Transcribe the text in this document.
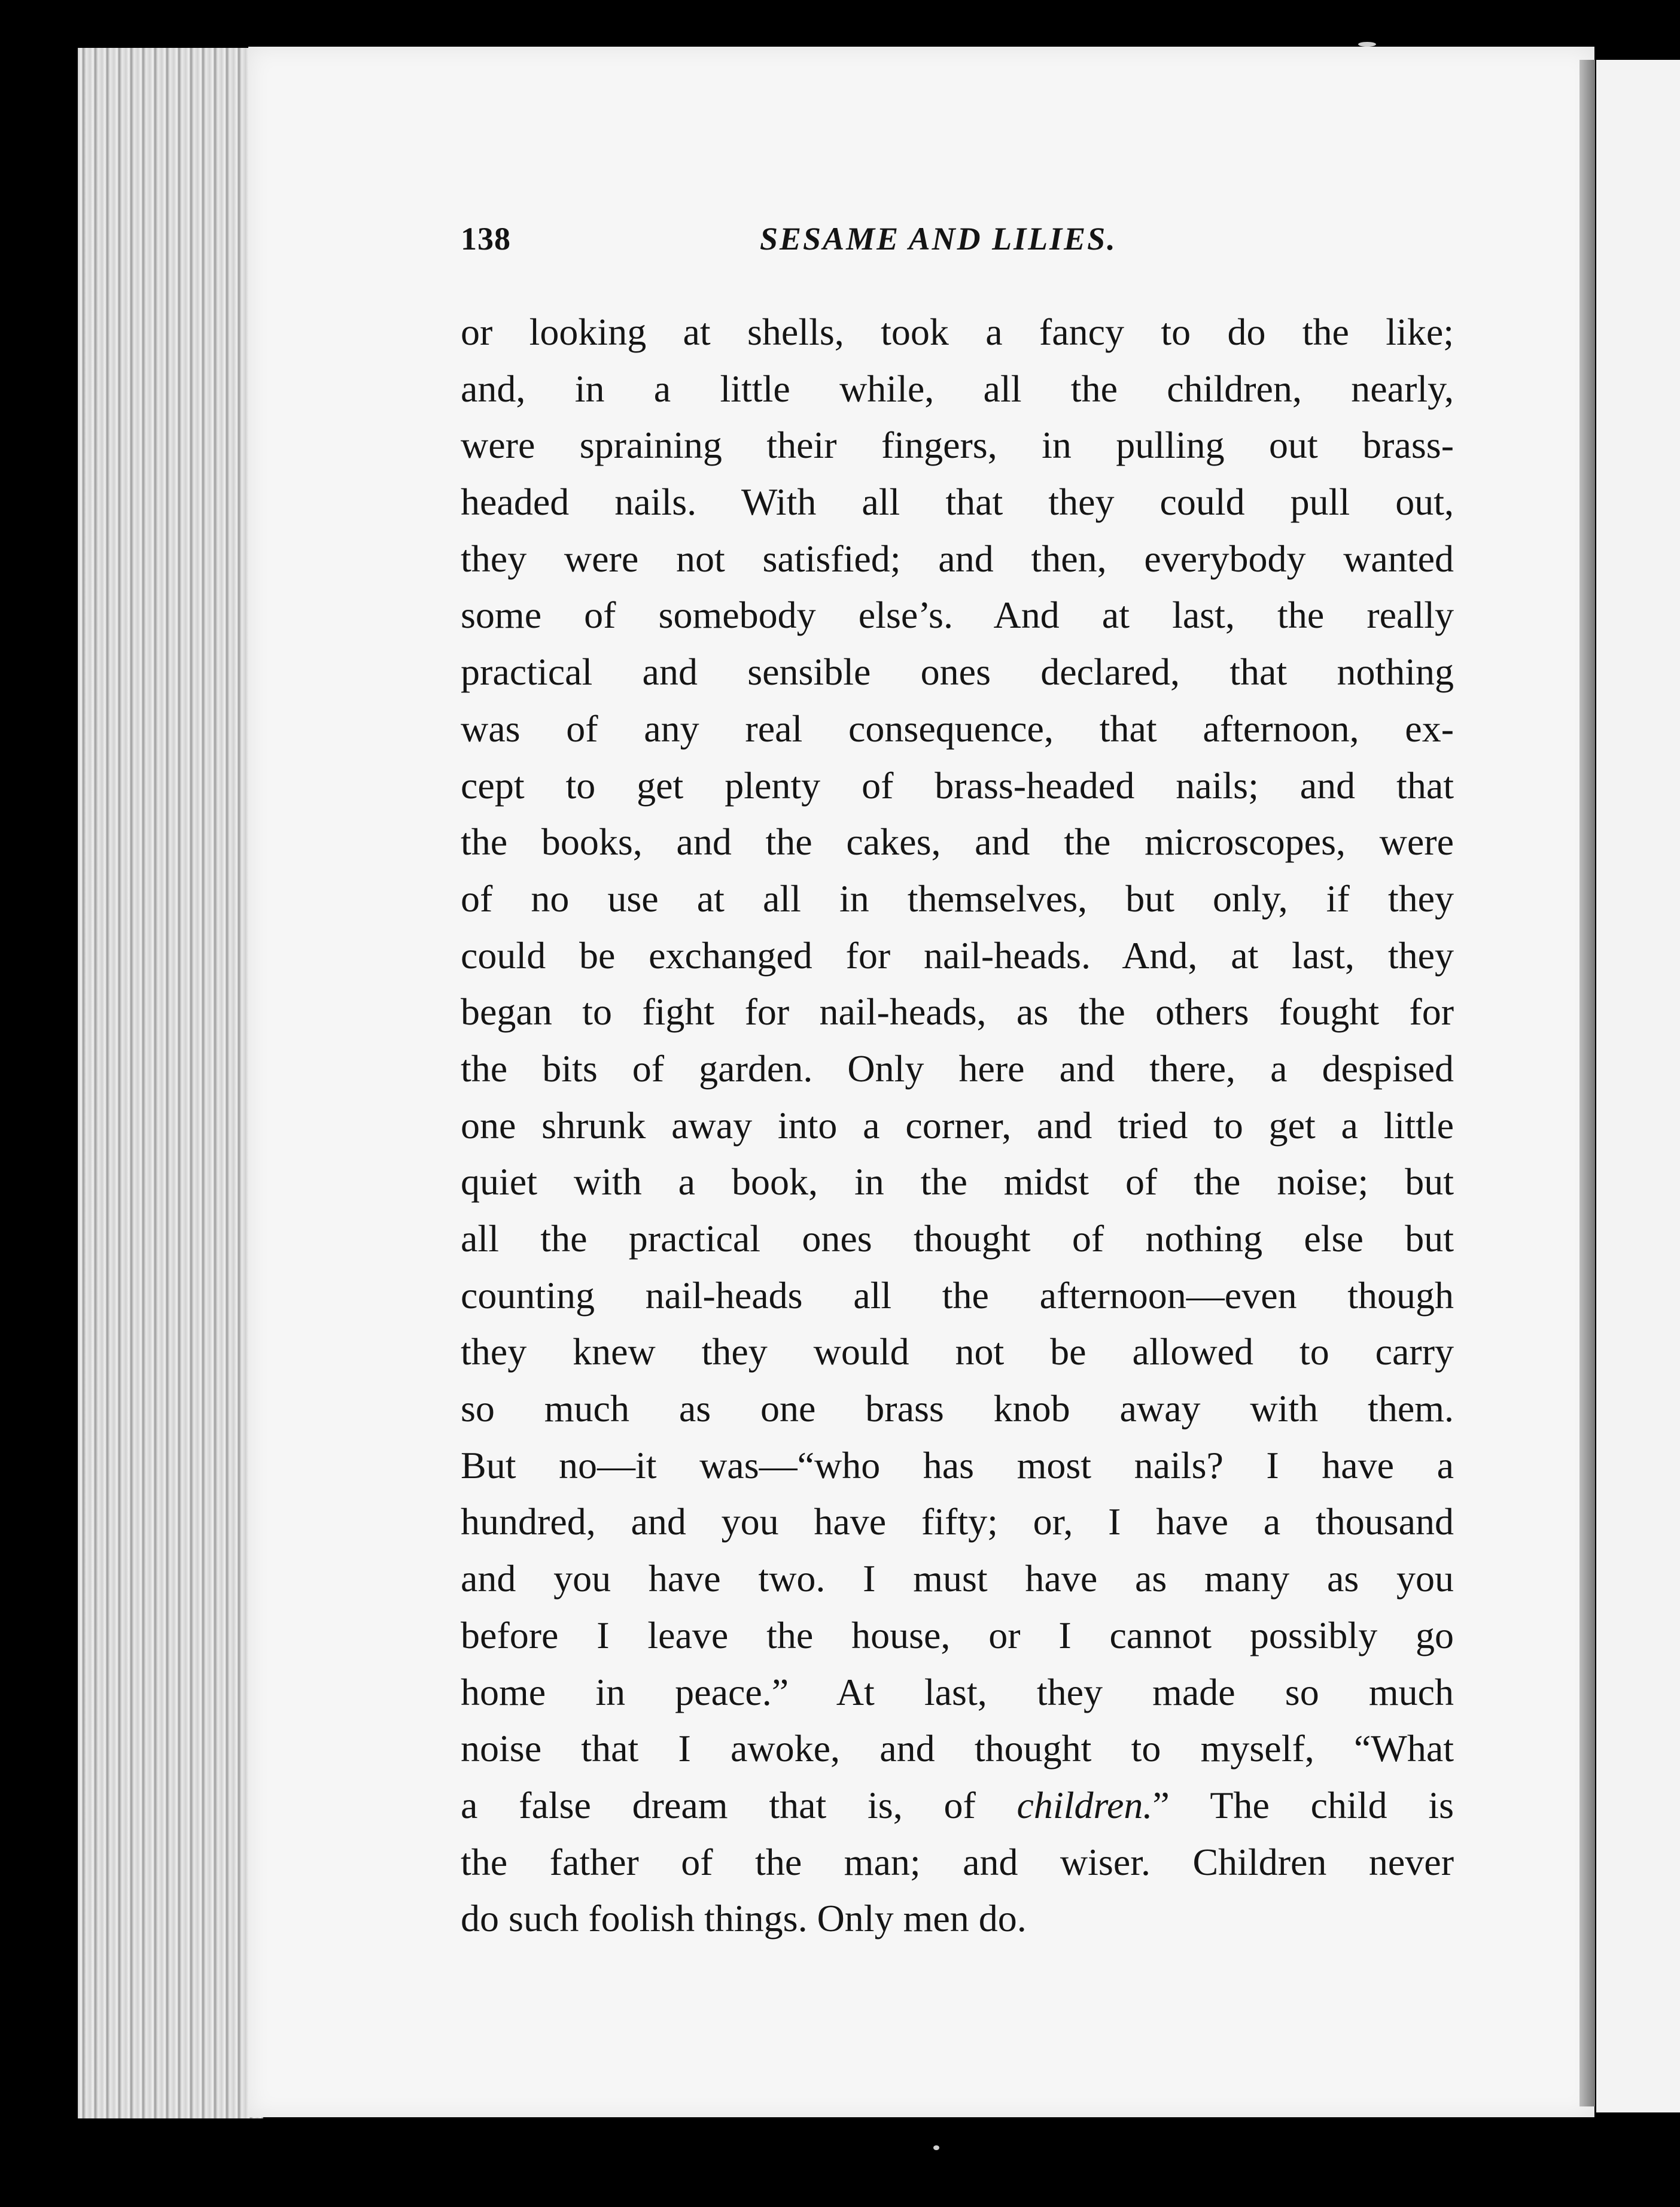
138	SESAME AND LILIES.
or looking at shells, took a fancy to do the like;
and, in a little while, all the children, nearly,
were spraining their fingers, in pulling out brass-
headed nails. With all that they could pull out,
they were not satisfied; and then, everybody wanted
some of somebody else’s. And at last, the really
practical and sensible ones declared, that nothing
was of any real consequence, that afternoon, ex-
cept to get plenty of brass-headed nails; and that
the books, and the cakes, and the microscopes, were
of no use at all in themselves, but only, if they
could be exchanged for nail-heads. And, at last, they
began to fight for nail-heads, as the others fought for
the bits of garden. Only here and there, a despised
one shrunk away into a corner, and tried to get a little
quiet with a book, in the midst of the noise; but
all the practical ones thought of nothing else but
counting nail-heads all the afternoon—even though
they knew they would not be allowed to carry
so much as one brass knob away with them.
But no—it was—“who has most nails? I have a
hundred, and you have fifty; or, I have a thousand
and you have two. I must have as many as you
before I leave the house, or I cannot possibly go
home in peace.” At last, they made so much
noise that I awoke, and thought to myself, “What
a false dream that is, of children.” The child is
the father of the man; and wiser. Children never
do such foolish things. Only men do.
